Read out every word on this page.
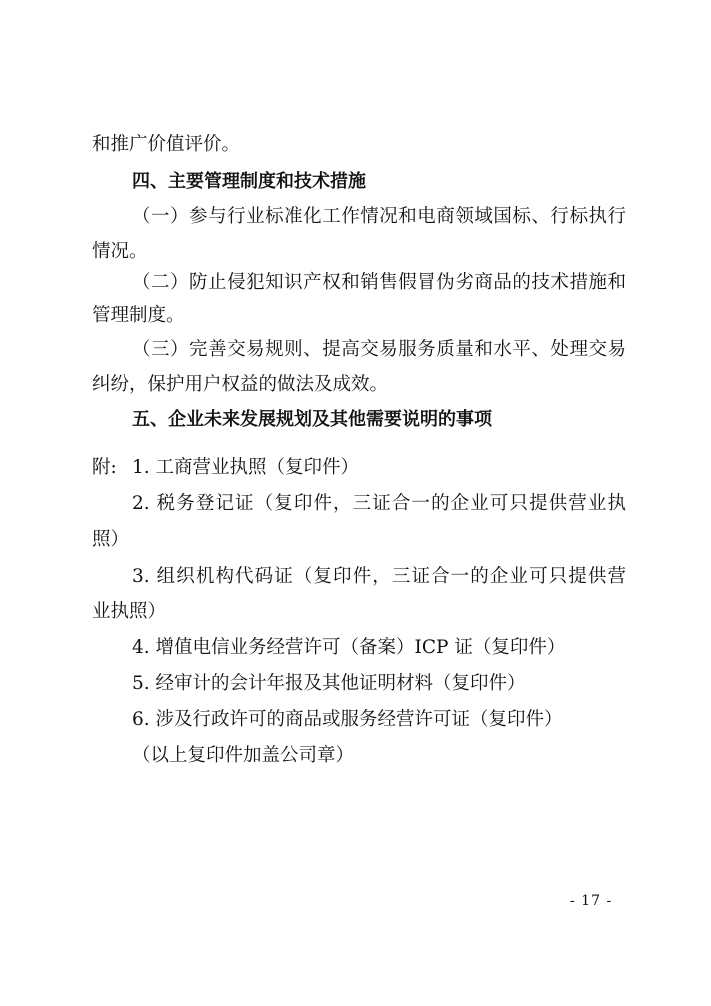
和推广价值评价。
四、主要管理制度和技术措施
（一）参与行业标准化工作情况和电商领域国标、行标执行
情况。
（二）防止侵犯知识产权和销售假冒伪劣商品的技术措施和
管理制度。
（三）完善交易规则、提高交易服务质量和水平、处理交易
纠纷，保护用户权益的做法及成效。
五、企业未来发展规划及其他需要说明的事项
附: 1. 工商营业执照（复印件）
2. 税务登记证（复印件，三证合一的企业可只提供营业执
照）
3. 组织机构代码证（复印件，三证合一的企业可只提供营
业执照）
4. 增值电信业务经营许可（备案）ICP 证（复印件）
5. 经审计的会计年报及其他证明材料（复印件）
6. 涉及行政许可的商品或服务经营许可证（复印件）
（以上复印件加盖公司章）
- 17 -
